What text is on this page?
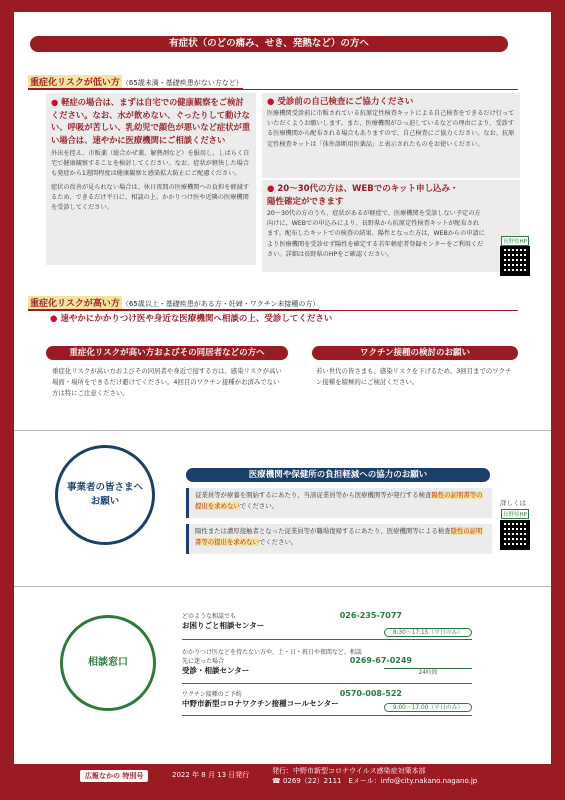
有症状（のどの痛み、せき、発熱など）の方へ
重症化リスクが低い方 （65歳未満・基礎疾患がない方など）
● 軽症の場合は、まずは自宅での健康観察をご検討ください。なお、水が飲めない、ぐったりして動けない、呼吸が苦しい、乳幼児で顔色が悪いなど症状が重い場合は、速やかに医療機関にご相談ください
外出を控え、市販薬（総合かぜ薬、解熱剤など）を服用し、しばらく自宅で健康観察することを検討してください。なお、症状が軽快した場合も発症から1週間程度は健康観察と感染拡大防止にご配慮ください。
症状の改善が見られない場合は、休日夜間の医療機関への負担を軽減するため、できるだけ平日に、相談の上、かかりつけ医や近隣の医療機関を受診してください。
● 受診前の自己検査にご協力ください
医療機関受診前に市販されている抗原定性検査キットによる自己検査をできるだけ行っていただくようお願いします。また、医療機関がひっ迫しているなどの理由により、受診する医療機関から配布される場合もありますので、自己検査にご協力ください。なお、抗原定性検査キットは「体外診断用医薬品」と表示されたものをお使いください。
● 20～30代の方は、WEBでのキット申し込み・陽性確定ができます
20～30代の方のうち、症状があるが軽症で、医療機関を受診しない予定の方向けに、WEBでの申込みにより、長野県から抗原定性検査キットが配布されます。配布したキットでの検査の結果、陽性となった方は、WEBからの申請により医療機関を受診せず陽性を確定する若年軽症者登録センターをご利用ください。詳細は長野県のHPをご確認ください。
長野県HP
重症化リスクが高い方 （65歳以上・基礎疾患がある方・妊婦・ワクチン未接種の方）
● 速やかにかかりつけ医や身近な医療機関へ相談の上、受診してください
重症化リスクが高い方およびその同居者などの方へ
重症化リスクが高い方およびその同居者や身近で接する方は、感染リスクが高い場面・場所をできるだけ避けてください。4回目のワクチン接種がお済みでない方は特にご注意ください。
ワクチン接種の検討のお願い
若い世代の皆さまも、感染リスクを下げるため、3回目までのワクチン接種を積極的にご検討ください。
事業者の皆さまへ
お願い
医療機関や保健所の負担軽減への協力のお願い
従業員等が療養を開始するにあたり、当該従業員等から医療機関等が発行する検査陽性の証明書等の提出を求めないでください。
陽性または濃厚接触者となった従業員等が職場復帰するにあたり、医療機関等による検査陰性の証明書等の提出を求めないでください。
詳しくは
長野県HP
相談窓口
どのような相談でも
お困りごと相談センター
026-235-7077
8:30～17:15（平日のみ）
かかりつけ医などを持たない方や、土・日・祝日や夜間など、相談先に迷った場合
受診・相談センター
0269-67-0249
24時間
ワクチン接種のご予約
中野市新型コロナワクチン接種コールセンター
0570-008-522
9:00～17:00（平日のみ）
広報なかの 特別号	2022 年 8 月 13 日発行	発行：中野市新型コロナウイルス感染症対策本部
☎ 0269（22）2111　Eメール：info@city.nakano.nagano.jp
